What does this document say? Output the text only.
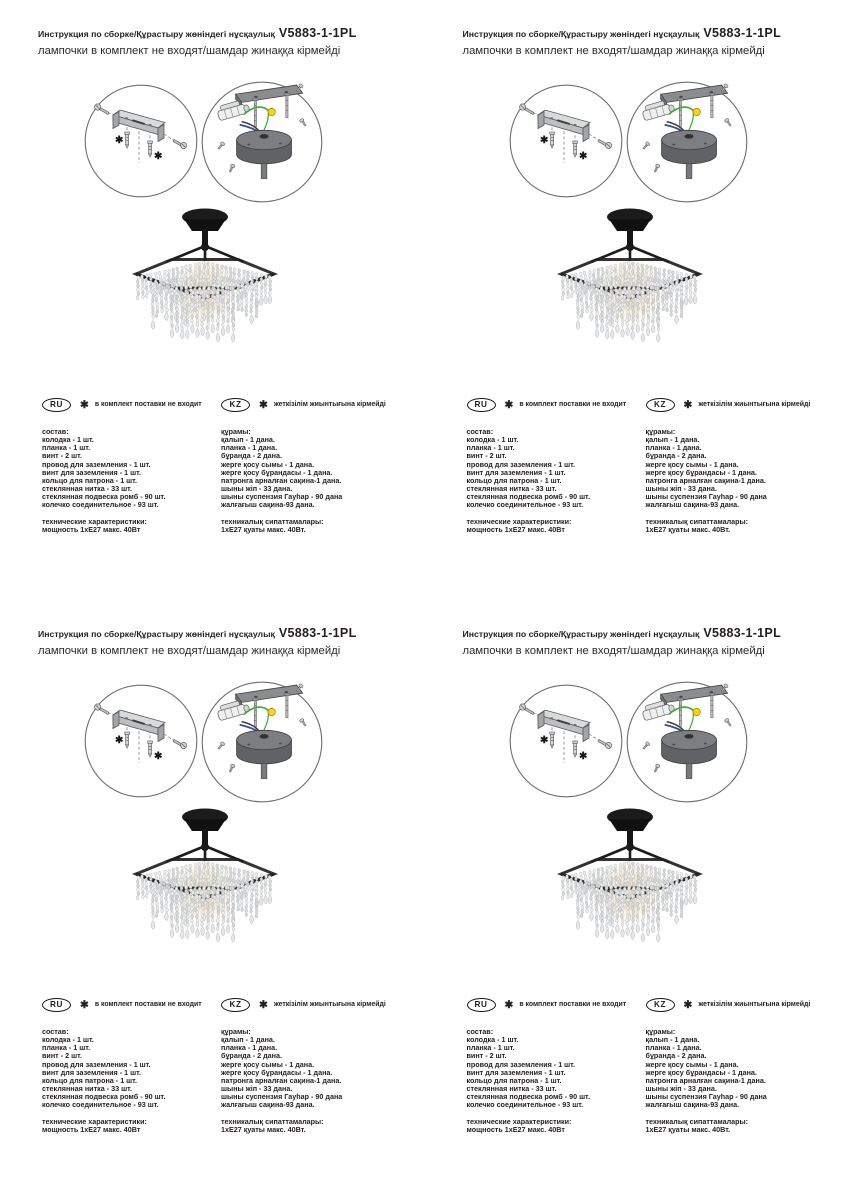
Инструкция по сборке/Құрастыру жөніндегі нұсқаулық V5883-1-1PL
лампочки в комплект не входят/шамдар жинаққа кірмейді
✱
✱
RU	✱ в комплект поставки не входит
состав:
колодка - 1 шт.
планка - 1 шт.
винт - 2 шт.
провод для заземления - 1 шт.
винт для заземления - 1 шт.
кольцо для патрона - 1 шт.
стеклянная нитка - 33 шт.
стеклянная подвеска ромб - 90 шт.
колечко соединительное - 93 шт.
технические характеристики:
мощность 1хЕ27 макс. 40Вт
KZ	✱ жеткізілім жиынтығына кірмейді
құрамы:
қалып - 1 дана.
планка - 1 дана.
бұранда - 2 дана.
жерге қосу сымы - 1 дана.
жерге қосу бұрандасы - 1 дана.
патронга арналған сақина-1 дана.
шыны жіп - 33 дана.
шыны суспензия Гауһар - 90 дана
жалғағыш сақина-93 дана.
техникалық сипаттамалары:
1хЕ27 қуаты макс. 40Вт.
Инструкция по сборке/Құрастыру жөніндегі нұсқаулық V5883-1-1PL
лампочки в комплект не входят/шамдар жинаққа кірмейді
✱
✱
RU	✱ в комплект поставки не входит
состав:
колодка - 1 шт.
планка - 1 шт.
винт - 2 шт.
провод для заземления - 1 шт.
винт для заземления - 1 шт.
кольцо для патрона - 1 шт.
стеклянная нитка - 33 шт.
стеклянная подвеска ромб - 90 шт.
колечко соединительное - 93 шт.
технические характеристики:
мощность 1хЕ27 макс. 40Вт
KZ	✱ жеткізілім жиынтығына кірмейді
құрамы:
қалып - 1 дана.
планка - 1 дана.
бұранда - 2 дана.
жерге қосу сымы - 1 дана.
жерге қосу бұрандасы - 1 дана.
патронга арналған сақина-1 дана.
шыны жіп - 33 дана.
шыны суспензия Гауһар - 90 дана
жалғағыш сақина-93 дана.
техникалық сипаттамалары:
1хЕ27 қуаты макс. 40Вт.
Инструкция по сборке/Құрастыру жөніндегі нұсқаулық V5883-1-1PL
лампочки в комплект не входят/шамдар жинаққа кірмейді
✱
✱
RU	✱ в комплект поставки не входит
состав:
колодка - 1 шт.
планка - 1 шт.
винт - 2 шт.
провод для заземления - 1 шт.
винт для заземления - 1 шт.
кольцо для патрона - 1 шт.
стеклянная нитка - 33 шт.
стеклянная подвеска ромб - 90 шт.
колечко соединительное - 93 шт.
технические характеристики:
мощность 1хЕ27 макс. 40Вт
KZ	✱ жеткізілім жиынтығына кірмейді
құрамы:
қалып - 1 дана.
планка - 1 дана.
бұранда - 2 дана.
жерге қосу сымы - 1 дана.
жерге қосу бұрандасы - 1 дана.
патронга арналған сақина-1 дана.
шыны жіп - 33 дана.
шыны суспензия Гауһар - 90 дана
жалғағыш сақина-93 дана.
техникалық сипаттамалары:
1хЕ27 қуаты макс. 40Вт.
Инструкция по сборке/Құрастыру жөніндегі нұсқаулық V5883-1-1PL
лампочки в комплект не входят/шамдар жинаққа кірмейді
✱
✱
RU	✱ в комплект поставки не входит
состав:
колодка - 1 шт.
планка - 1 шт.
винт - 2 шт.
провод для заземления - 1 шт.
винт для заземления - 1 шт.
кольцо для патрона - 1 шт.
стеклянная нитка - 33 шт.
стеклянная подвеска ромб - 90 шт.
колечко соединительное - 93 шт.
технические характеристики:
мощность 1хЕ27 макс. 40Вт
KZ	✱ жеткізілім жиынтығына кірмейді
құрамы:
қалып - 1 дана.
планка - 1 дана.
бұранда - 2 дана.
жерге қосу сымы - 1 дана.
жерге қосу бұрандасы - 1 дана.
патронга арналған сақина-1 дана.
шыны жіп - 33 дана.
шыны суспензия Гауһар - 90 дана
жалғағыш сақина-93 дана.
техникалық сипаттамалары:
1хЕ27 қуаты макс. 40Вт.
